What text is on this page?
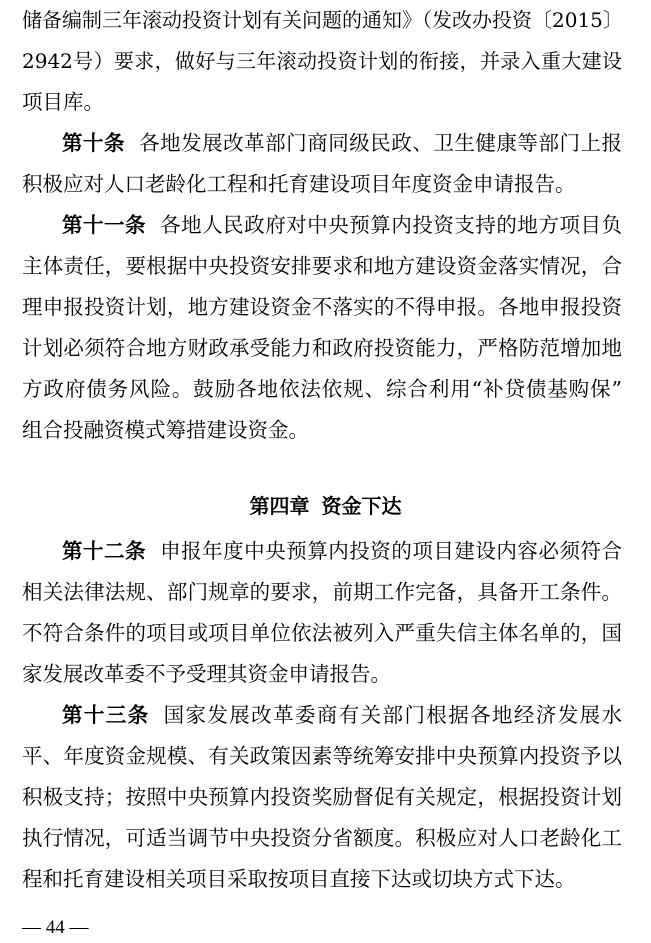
储备编制三年滚动投资计划有关问题的通知》（发改办投资〔2015〕
2942号）要求，做好与三年滚动投资计划的衔接，并录入重大建设
项目库。
第十条 各地发展改革部门商同级民政、卫生健康等部门上报
积极应对人口老龄化工程和托育建设项目年度资金申请报告。
第十一条 各地人民政府对中央预算内投资支持的地方项目负
主体责任，要根据中央投资安排要求和地方建设资金落实情况，合
理申报投资计划，地方建设资金不落实的不得申报。各地申报投资
计划必须符合地方财政承受能力和政府投资能力，严格防范增加地
方政府债务风险。鼓励各地依法依规、综合利用“补贷债基购保”
组合投融资模式筹措建设资金。
第四章 资金下达
第十二条 申报年度中央预算内投资的项目建设内容必须符合
相关法律法规、部门规章的要求，前期工作完备，具备开工条件。
不符合条件的项目或项目单位依法被列入严重失信主体名单的，国
家发展改革委不予受理其资金申请报告。
第十三条 国家发展改革委商有关部门根据各地经济发展水
平、年度资金规模、有关政策因素等统筹安排中央预算内投资予以
积极支持；按照中央预算内投资奖励督促有关规定，根据投资计划
执行情况，可适当调节中央投资分省额度。积极应对人口老龄化工
程和托育建设相关项目采取按项目直接下达或切块方式下达。
— 44 —
